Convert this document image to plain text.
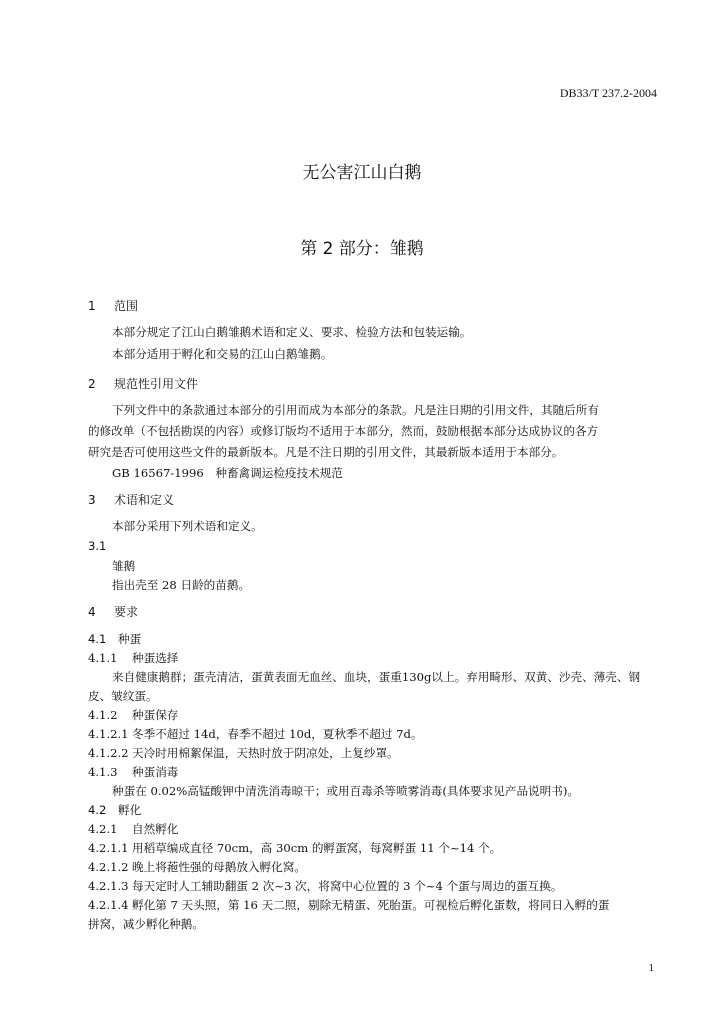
DB33/T 237.2-2004
无公害江山白鹅
第 2 部分：雏鹅
1 范围
本部分规定了江山白鹅雏鹅术语和定义、要求、检验方法和包装运输。
本部分适用于孵化和交易的江山白鹅雏鹅。
2 规范性引用文件
下列文件中的条款通过本部分的引用而成为本部分的条款。凡是注日期的引用文件，其随后所有
的修改单（不包括勘误的内容）或修订版均不适用于本部分，然而，鼓励根据本部分达成协议的各方
研究是否可使用这些文件的最新版本。凡是不注日期的引用文件，其最新版本适用于本部分。
GB 16567-1996　种畜禽调运检疫技术规范
3 术语和定义
本部分采用下列术语和定义。
3.1
雏鹅
指出壳至 28 日龄的苗鹅。
4 要求
4.1 种蛋
4.1.1 种蛋选择
来自健康鹅群；蛋壳清洁，蛋黄表面无血丝、血块，蛋重130g以上。弃用畸形、双黄、沙壳、薄壳、钢
皮、皱纹蛋。
4.1.2 种蛋保存
4.1.2.1 冬季不超过 14d，春季不超过 10d，夏秋季不超过 7d。
4.1.2.2 天冷时用棉絮保温，天热时放于阴凉处，上复纱罩。
4.1.3 种蛋消毒
种蛋在 0.02%高锰酸钾中清洗消毒晾干；或用百毒杀等喷雾消毒(具体要求见产品说明书)。
4.2 孵化
4.2.1 自然孵化
4.2.1.1 用稻草编成直径 70cm，高 30cm 的孵蛋窝，每窝孵蛋 11 个~14 个。
4.2.1.2 晚上将菢性强的母鹅放入孵化窝。
4.2.1.3 每天定时人工辅助翻蛋 2 次~3 次，将窝中心位置的 3 个~4 个蛋与周边的蛋互换。
4.2.1.4 孵化第 7 天头照，第 16 天二照，剔除无精蛋、死胎蛋。可视检后孵化蛋数，将同日入孵的蛋
拼窝，减少孵化种鹅。
1
